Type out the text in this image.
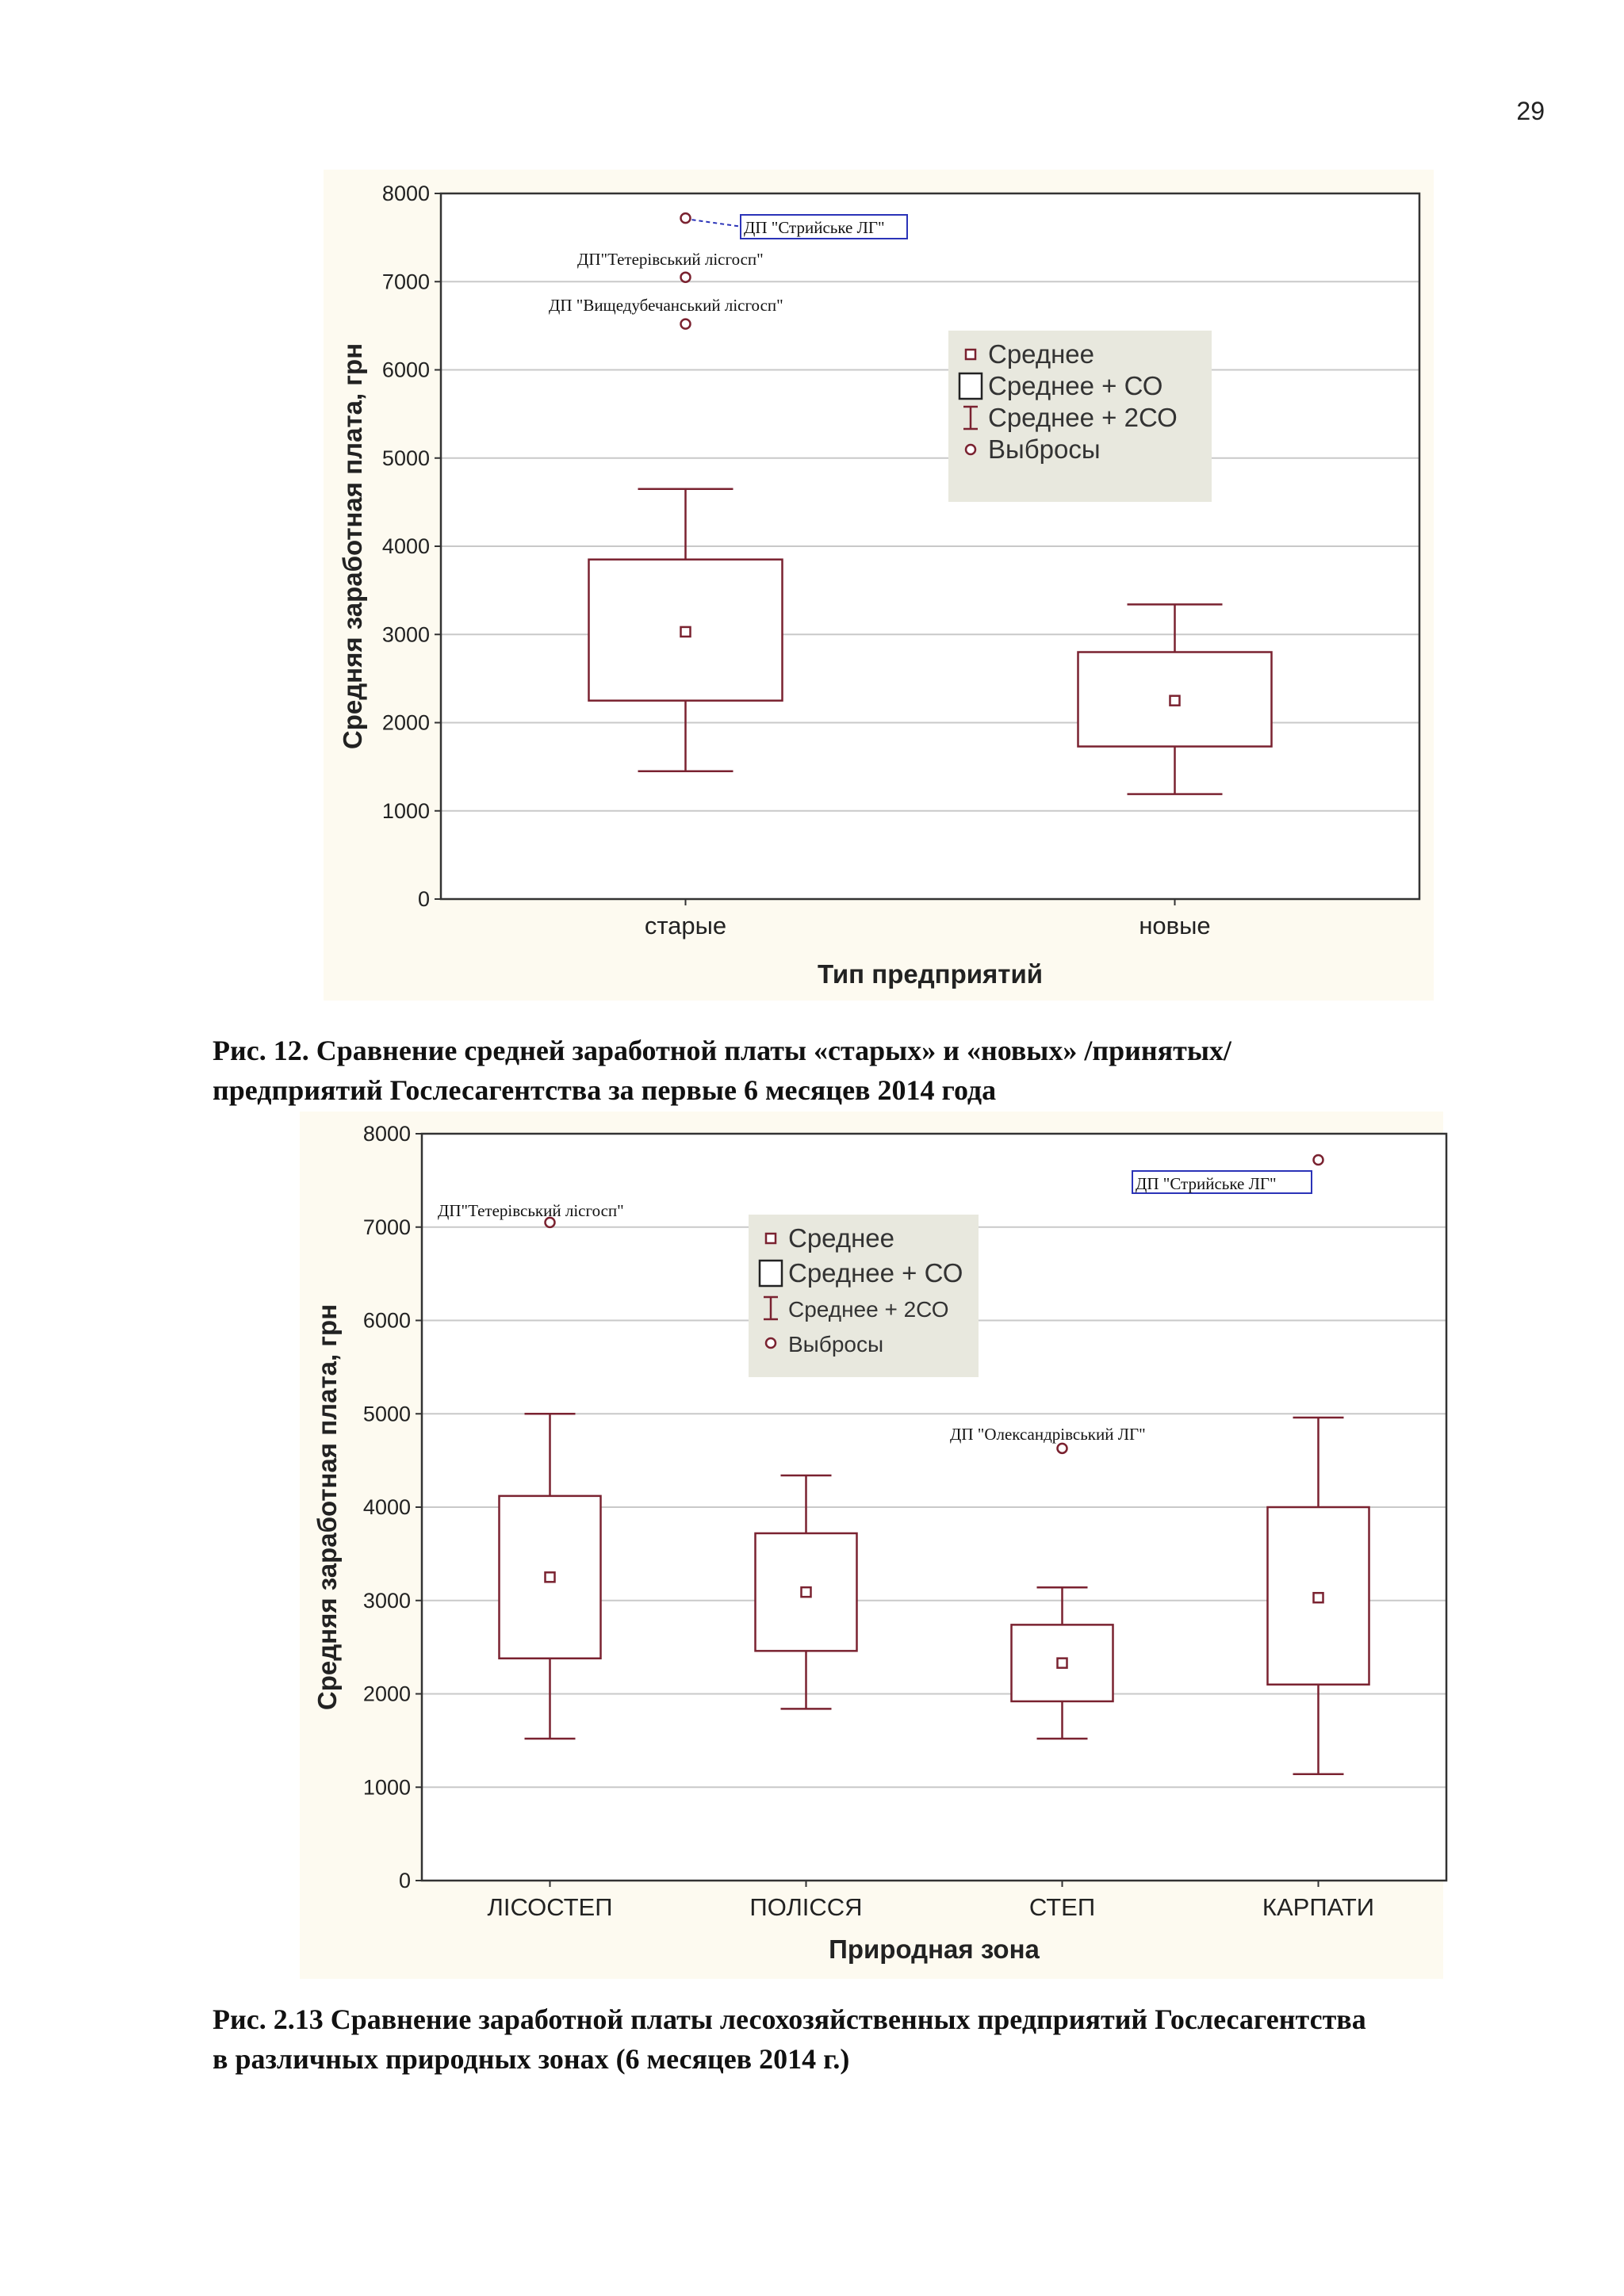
29
0
1000
2000
3000
4000
5000
6000
7000
8000
старые	новые
Тип предприятий
Средняя заработная плата, грн
ДП "Стрийське ЛГ"
ДП"Тетерівський лісгосп"
ДП "Вищедубечанський лісгосп"
Среднее
Среднее + СО
Среднее + 2СО
Выбросы
0
1000
2000
3000
4000
5000
6000
7000
8000
ЛІСОСТЕП	ПОЛІССЯ	СТЕП	КАРПАТИ
Природная зона
Средняя заработная плата, грн
ДП"Тетерівський лісгосп"
ДП "Олександрівський ЛГ"
ДП "Стрийське ЛГ"
Среднее
Среднее + СО
Среднее + 2СО
Выбросы
Рис. 12. Сравнение средней заработной платы «старых» и «новых» /принятых/
предприятий Гослесагентства за первые 6 месяцев 2014 года
Рис. 2.13 Сравнение заработной платы лесохозяйственных предприятий Гослесагентства
в различных природных зонах (6 месяцев 2014 г.)
